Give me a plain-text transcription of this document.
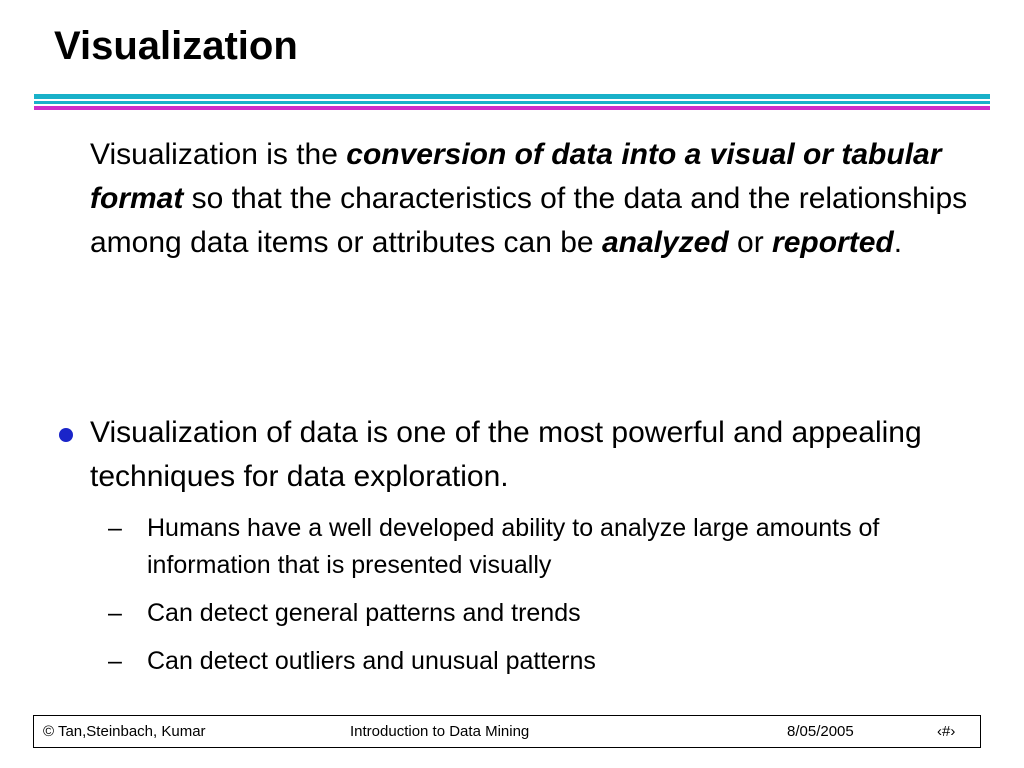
Visualization

Visualization is the conversion of data into a visual or tabular format so that the characteristics of the data and the relationships among data items or attributes can be analyzed or reported.

Visualization of data is one of the most powerful and appealing techniques for data exploration.

– Humans have a well developed ability to analyze large amounts of information that is presented visually
– Can detect general patterns and trends
– Can detect outliers and unusual patterns
© Tan,Steinbach, Kumar	Introduction to Data Mining	8/05/2005	‹#›
